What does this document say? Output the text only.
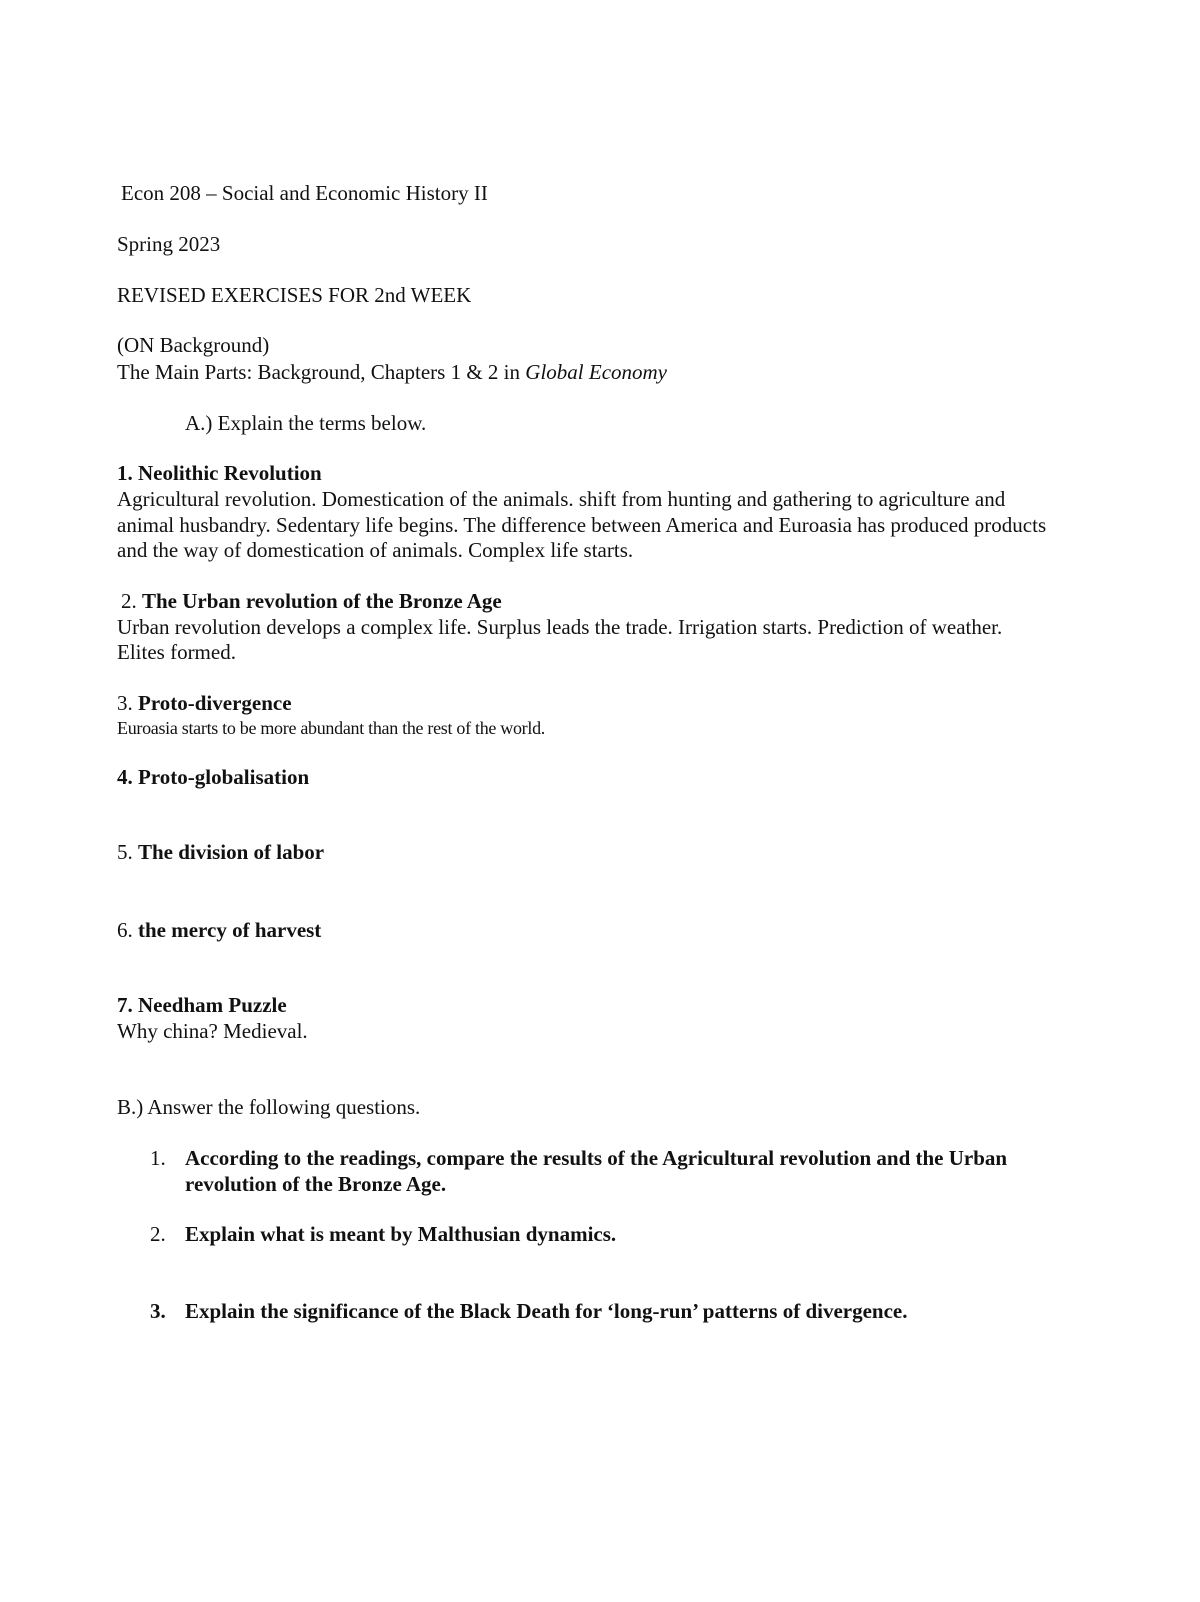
Econ 208 – Social and Economic History II
Spring 2023
REVISED EXERCISES FOR 2nd WEEK
(ON Background)
The Main Parts: Background, Chapters 1 & 2 in Global Economy
A.) Explain the terms below.
1. Neolithic Revolution
Agricultural revolution. Domestication of the animals. shift from hunting and gathering to agriculture and
animal husbandry. Sedentary life begins. The difference between America and Euroasia has produced products
and the way of domestication of animals. Complex life starts.
2. The Urban revolution of the Bronze Age
Urban revolution develops a complex life. Surplus leads the trade. Irrigation starts. Prediction of weather.
Elites formed.
3. Proto-divergence
Euroasia starts to be more abundant than the rest of the world.
4. Proto-globalisation
5. The division of labor
6. the mercy of harvest
7. Needham Puzzle
Why china? Medieval.
B.) Answer the following questions.
1. According to the readings, compare the results of the Agricultural revolution and the Urban
revolution of the Bronze Age.
2. Explain what is meant by Malthusian dynamics.
3. Explain the significance of the Black Death for ‘long-run’ patterns of divergence.
